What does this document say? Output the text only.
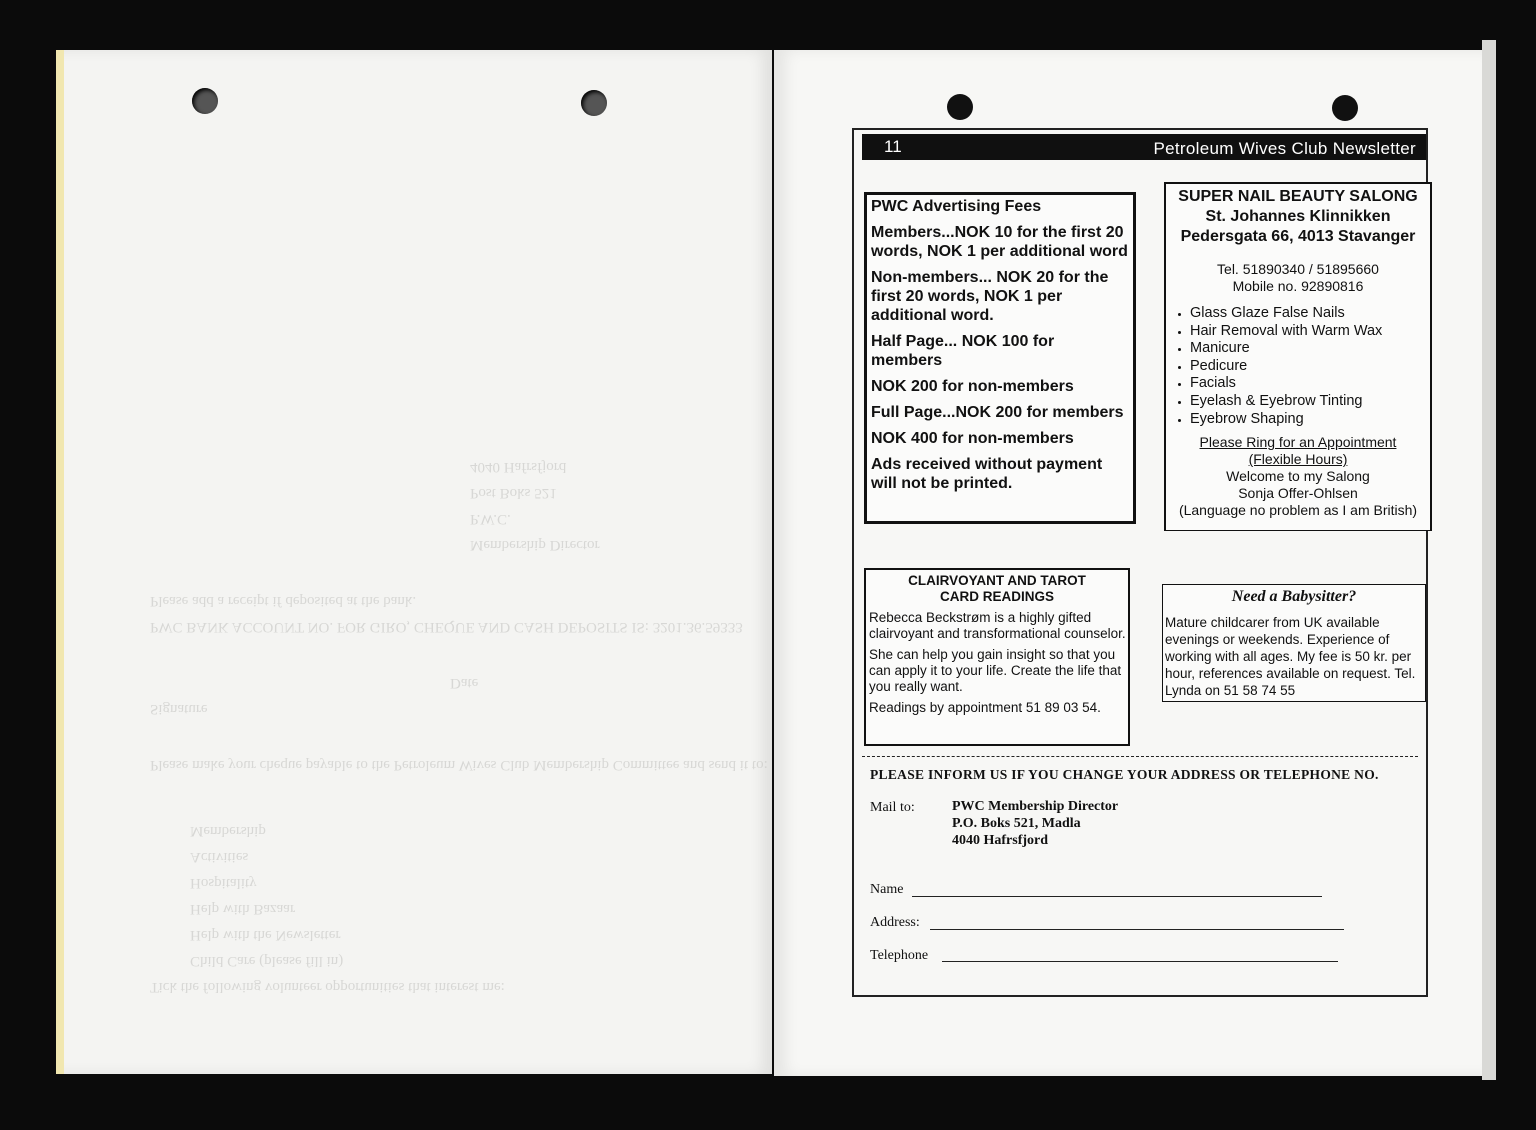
Tick the following volunteer opportunities that interest me:
Child Care (please fill in)
Help with the Newsletter
Help with Bazaar
Hospitality
Activities
Membership
Please make your cheque payable to the Petroleum Wives Club Membership Committee and send it to:
Signature
Date
PWC BANK ACCOUNT NO. FOR GIRO, CHEQUE AND CASH DEPOSITS IS: 3201.36.59333
Please add a receipt if deposited at the bank.
Membership Director
P.W.C.
Post Boks 521
4040 Hafrsfjord
11	Petroleum Wives Club Newsletter

PWC Advertising Fees

Members...NOK 10 for the first 20 words, NOK 1 per additional word

Non-members... NOK 20 for the first 20 words, NOK 1 per additional word.

Half Page... NOK 100 for members

NOK 200 for non-members

Full Page...NOK 200 for members

NOK 400 for non-members

Ads received without payment will not be printed.

SUPER NAIL BEAUTY SALONG
St. Johannes Klinnikken
Pedersgata 66, 4013 Stavanger
Tel. 51890340 / 51895660
Mobile no. 92890816
• Glass Glaze False Nails
• Hair Removal with Warm Wax
• Manicure
• Pedicure
• Facials
• Eyelash & Eyebrow Tinting
• Eyebrow Shaping
Please Ring for an Appointment
(Flexible Hours)
Welcome to my Salong
Sonja Offer-Ohlsen
(Language no problem as I am British)
CLAIRVOYANT AND TAROT
CARD READINGS

Rebecca Beckstrøm is a highly gifted clairvoyant and transformational counselor.

She can help you gain insight so that you can apply it to your life. Create the life that you really want.

Readings by appointment 51 89 03 54.

Need a Babysitter?

Mature childcarer from UK available evenings or weekends. Experience of working with all ages. My fee is 50 kr. per hour, references available on request. Tel. Lynda on 51 58 74 55

PLEASE INFORM US IF YOU CHANGE YOUR ADDRESS OR TELEPHONE NO.
Mail to:	PWC Membership Director
P.O. Boks 521, Madla
4040 Hafrsfjord
Name
Address:
Telephone
